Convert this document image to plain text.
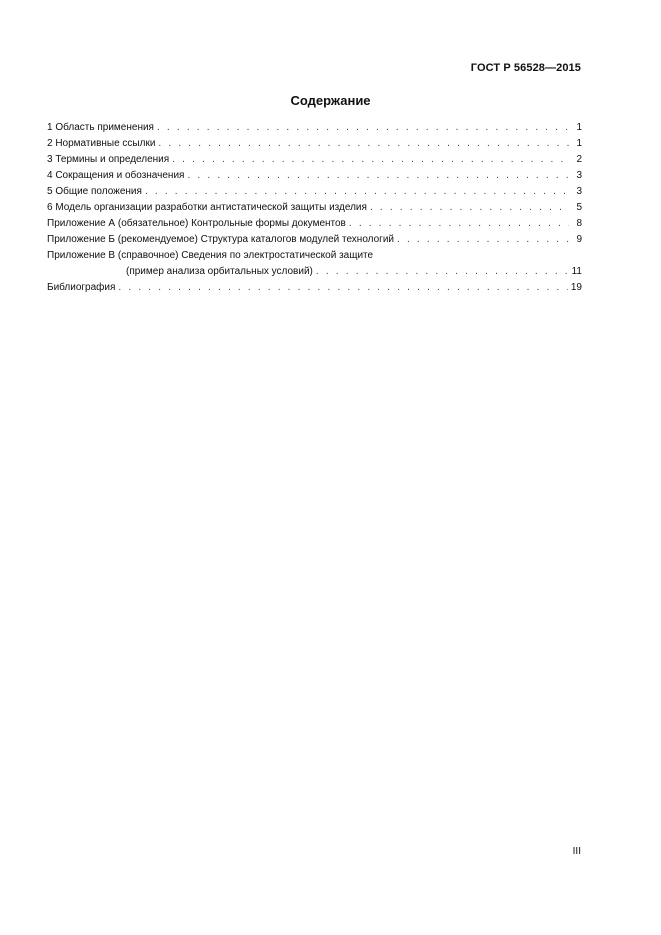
ГОСТ Р 56528—2015
Содержание
1 Область применения . . .	1
2 Нормативные ссылки . . .	1
3 Термины и определения . . .	2
4 Сокращения и обозначения . . .	3
5 Общие положения . . .	3
6 Модель организации разработки антистатической защиты изделия . . .	5
Приложение А (обязательное) Контрольные формы документов . . .	8
Приложение Б (рекомендуемое) Структура каталогов модулей технологий . . .	9
Приложение В (справочное) Сведения по электростатической защите
(пример анализа орбитальных условий) . . .	11
Библиография . . .	19
III
